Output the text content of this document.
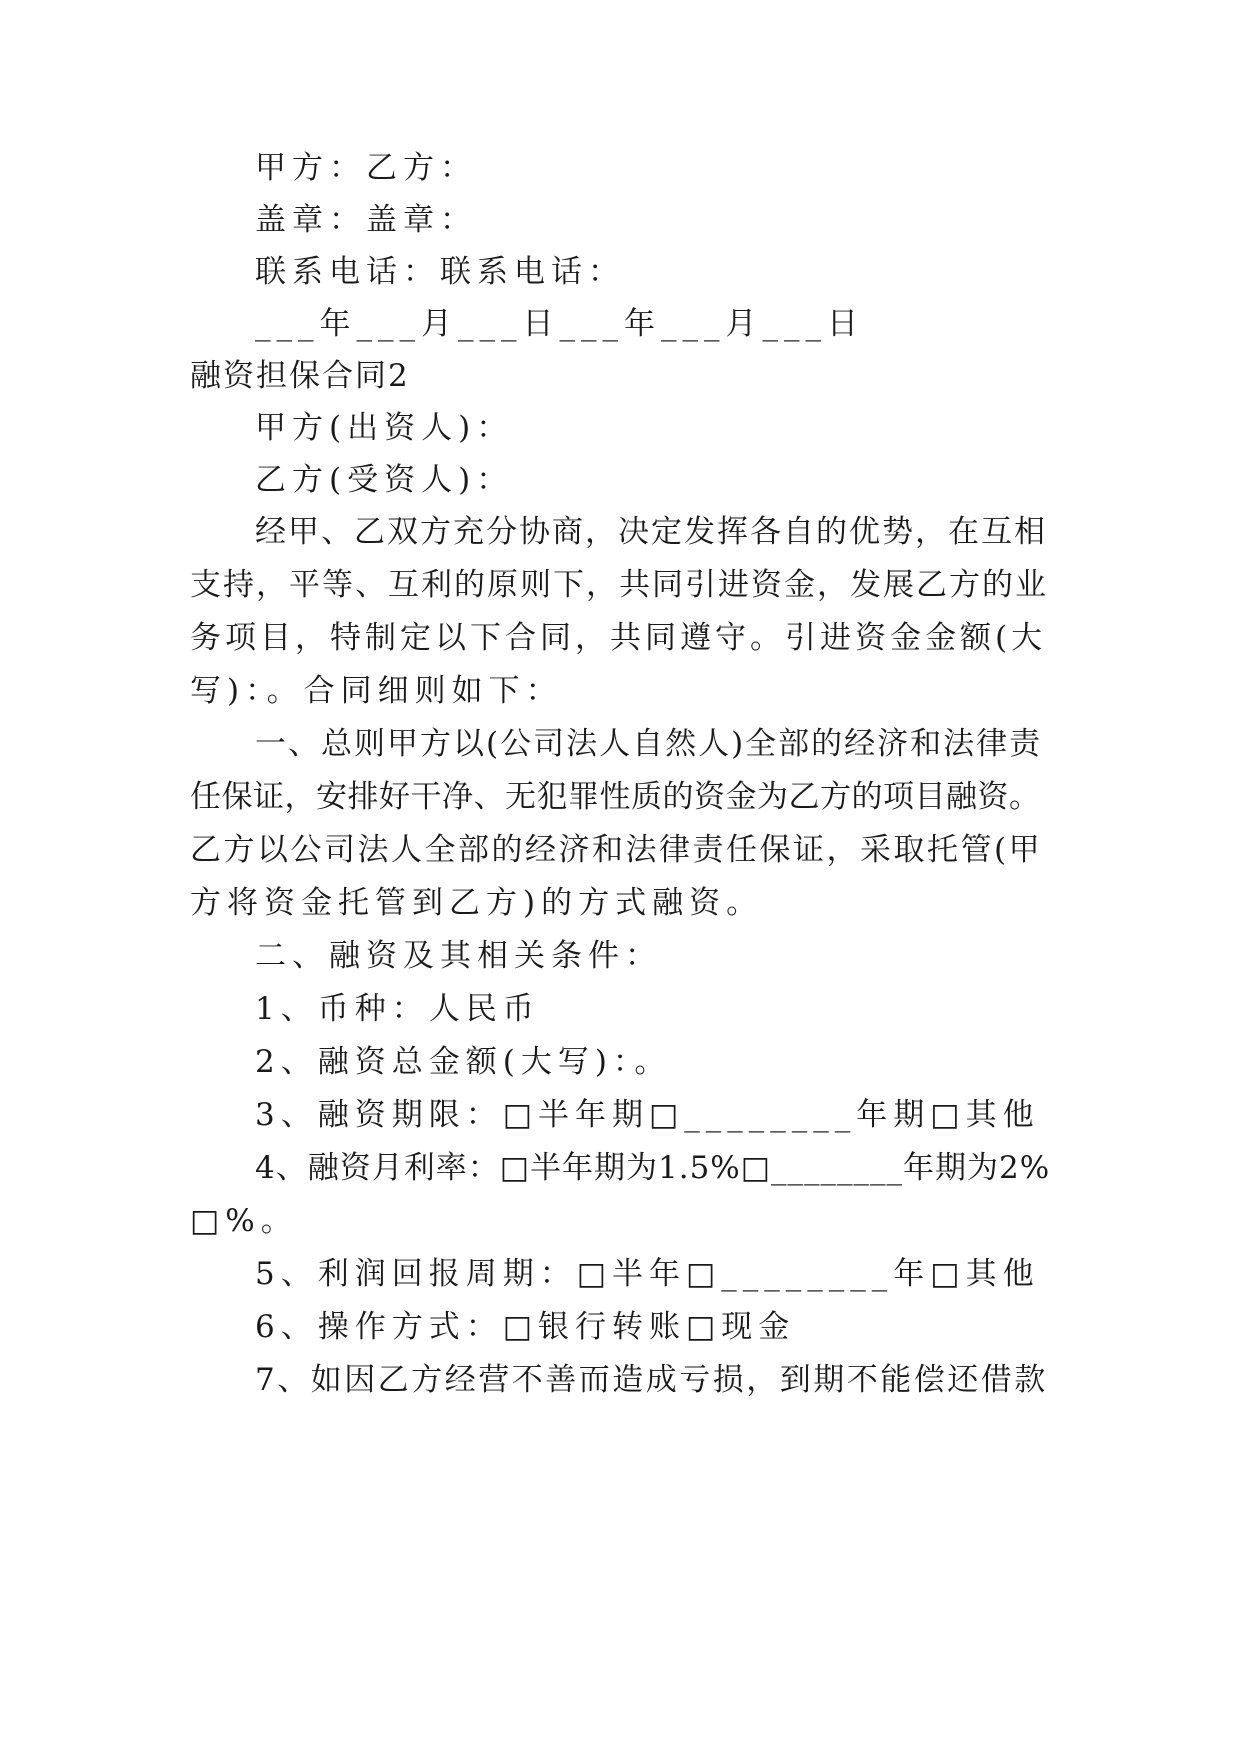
甲方：乙方：
盖章：盖章：
联系电话：联系电话：
___年___月___日___年___月___日
融资担保合同2
甲方(出资人)：
乙方(受资人)：
经甲、乙双方充分协商，决定发挥各自的优势，在互相
支持，平等、互利的原则下，共同引进资金，发展乙方的业
务项目，特制定以下合同，共同遵守。引进资金金额(大
写)：。合同细则如下：
一、总则甲方以(公司法人自然人)全部的经济和法律责
任保证，安排好干净、无犯罪性质的资金为乙方的项目融资。
乙方以公司法人全部的经济和法律责任保证，采取托管(甲
方将资金托管到乙方)的方式融资。
二、融资及其相关条件：
1、币种：人民币
2、融资总金额(大写)：。
3、融资期限：□半年期□________年期□其他
4、融资月利率：□半年期为1.5%□________年期为2%
□%。
5、利润回报周期：□半年□________年□其他
6、操作方式：□银行转账□现金
7、如因乙方经营不善而造成亏损，到期不能偿还借款
